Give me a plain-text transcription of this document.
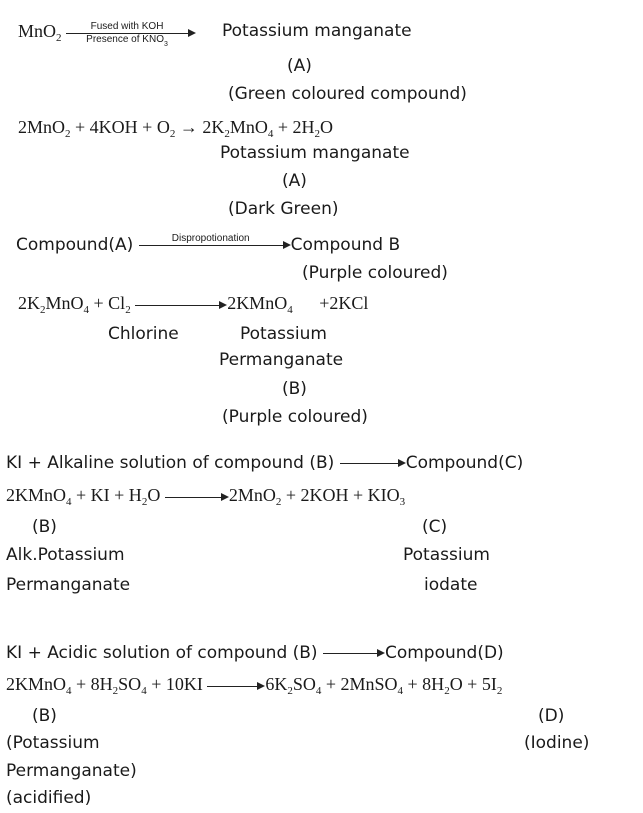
MnO$_2$
Fused with KOH
Presence of $KNO_3$
Potassium manganate
(A)
(Green coloured compound)
$2MnO_2 + 4KOH + O_2 \to 2K_2MnO_4 + 2H_2O$
Potassium manganate
(A)
(Dark Green)
Compound(A)	Dispropotionation	Compound B
(Purple coloured)
$2K_2MnO_4 + Cl_2$	2KMnO$_4$ +2KCl
Chlorine	Potassium
Permanganate
(B)
(Purple coloured)
KI + Alkaline solution of compound (B)	Compound(C)
2KMnO$_4$ + KI + $H_2O$	$2MnO_2 + 2KOH + KIO_3$
(B)	(C)
Alk.Potassium	Potassium
Permanganate	iodate
KI + Acidic solution of compound (B)	Compound(D)
2KMnO$_4$ + $8H_2SO_4 + 10KI$	$6K_2SO_4$ + 2MnSO$_4$ + $8H_2O + 5I_2$
(B)	(D)
(Potassium	(Iodine)
Permanganate)
(acidified)
